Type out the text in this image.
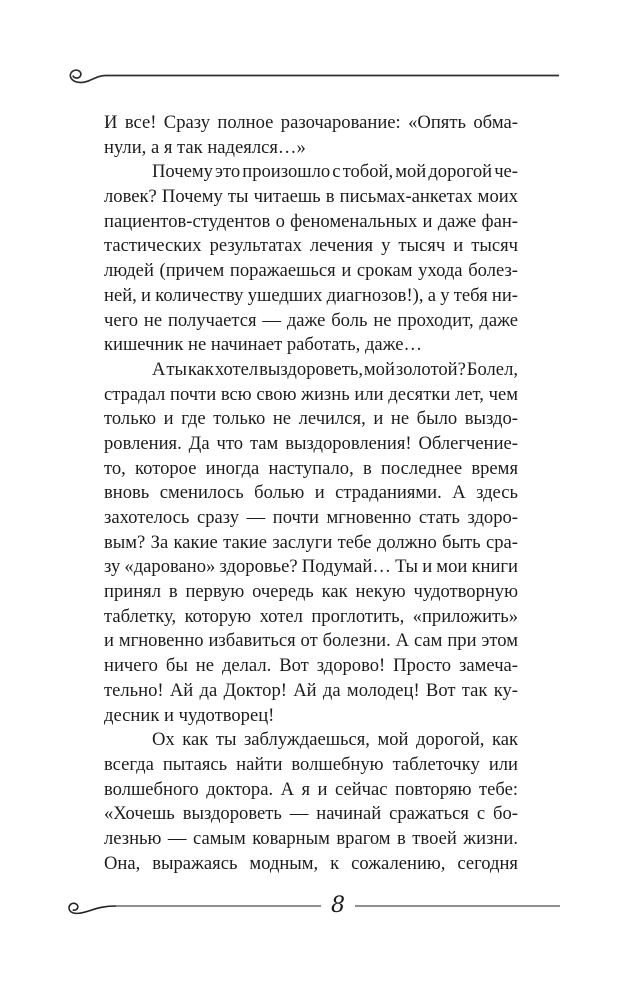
И все! Сразу полное разочарование: «Опять обма-
нули, а я так надеялся…»
Почему это произошло с тобой, мой дорогой че-
ловек? Почему ты читаешь в письмах-анкетах моих
пациентов-студентов о феноменальных и даже фан-
тастических результатах лечения у тысяч и тысяч
людей (причем поражаешься и срокам ухода болез-
ней, и количеству ушедших диагнозов!), а у тебя ни-
чего не получается — даже боль не проходит, даже
кишечник не начинает работать, даже…
А ты как хотел выздороветь, мой золотой? Болел,
страдал почти всю свою жизнь или десятки лет, чем
только и где только не лечился, и не было выздо-
ровления. Да что там выздоровления! Облегчение-
то, которое иногда наступало, в последнее время
вновь сменилось болью и страданиями. А здесь
захотелось сразу — почти мгновенно стать здоро-
вым? За какие такие заслуги тебе должно быть сра-
зу «даровано» здоровье? Подумай… Ты и мои книги
принял в первую очередь как некую чудотворную
таблетку, которую хотел проглотить, «приложить»
и мгновенно избавиться от болезни. А сам при этом
ничего бы не делал. Вот здорово! Просто замеча-
тельно! Ай да Доктор! Ай да молодец! Вот так ку-
десник и чудотворец!
Ох как ты заблуждаешься, мой дорогой, как
всегда пытаясь найти волшебную таблеточку или
волшебного доктора. А я и сейчас повторяю тебе:
«Хочешь выздороветь — начинай сражаться с бо-
лезнью — самым коварным врагом в твоей жизни.
Она, выражаясь модным, к сожалению, сегодня
8
